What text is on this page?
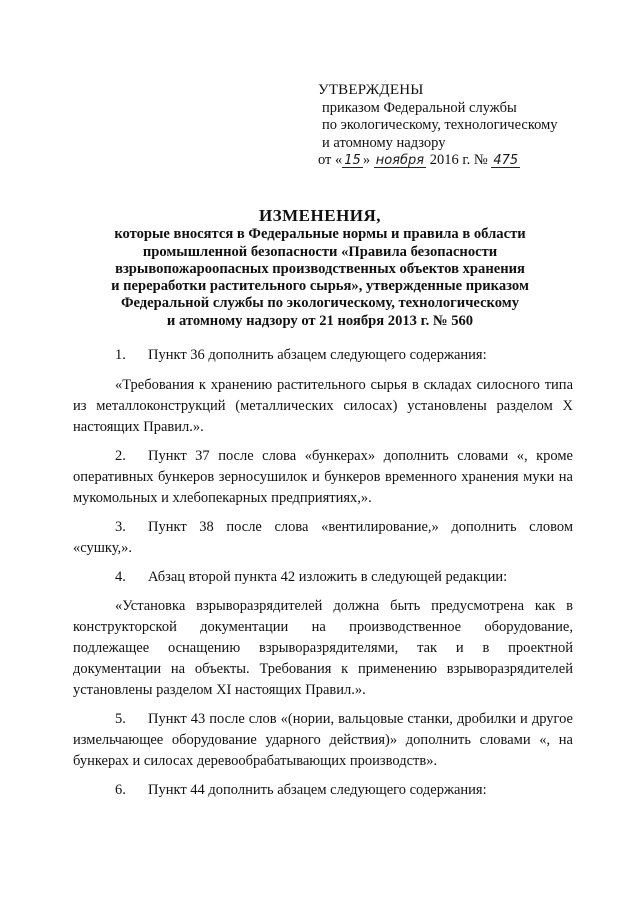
УТВЕРЖДЕНЫ
приказом Федеральной службы
по экологическому, технологическому
и атомному надзору
от « 15 » ноября 2016 г. № 475
ИЗМЕНЕНИЯ,
которые вносятся в Федеральные нормы и правила в области
промышленной безопасности «Правила безопасности
взрывопожароопасных производственных объектов хранения
и переработки растительного сырья», утвержденные приказом
Федеральной службы по экологическому, технологическому
и атомному надзору от 21 ноября 2013 г. № 560

1. Пункт 36 дополнить абзацем следующего содержания:

«Требования к хранению растительного сырья в складах силосного типа из металлоконструкций (металлических силосах) установлены разделом X настоящих Правил.».

2. Пункт 37 после слова «бункерах» дополнить словами «, кроме оперативных бункеров зерносушилок и бункеров временного хранения муки на мукомольных и хлебопекарных предприятиях,».

3. Пункт 38 после слова «вентилирование,» дополнить словом «сушку,».

4. Абзац второй пункта 42 изложить в следующей редакции:

«Установка взрыворазрядителей должна быть предусмотрена как в конструкторской документации на производственное оборудование, подлежащее оснащению взрыворазрядителями, так и в проектной документации на объекты. Требования к применению взрыворазрядителей установлены разделом XI настоящих Правил.».

5. Пункт 43 после слов «(нории, вальцовые станки, дробилки и другое измельчающее оборудование ударного действия)» дополнить словами «, на бункерах и силосах деревообрабатывающих производств».

6. Пункт 44 дополнить абзацем следующего содержания:
